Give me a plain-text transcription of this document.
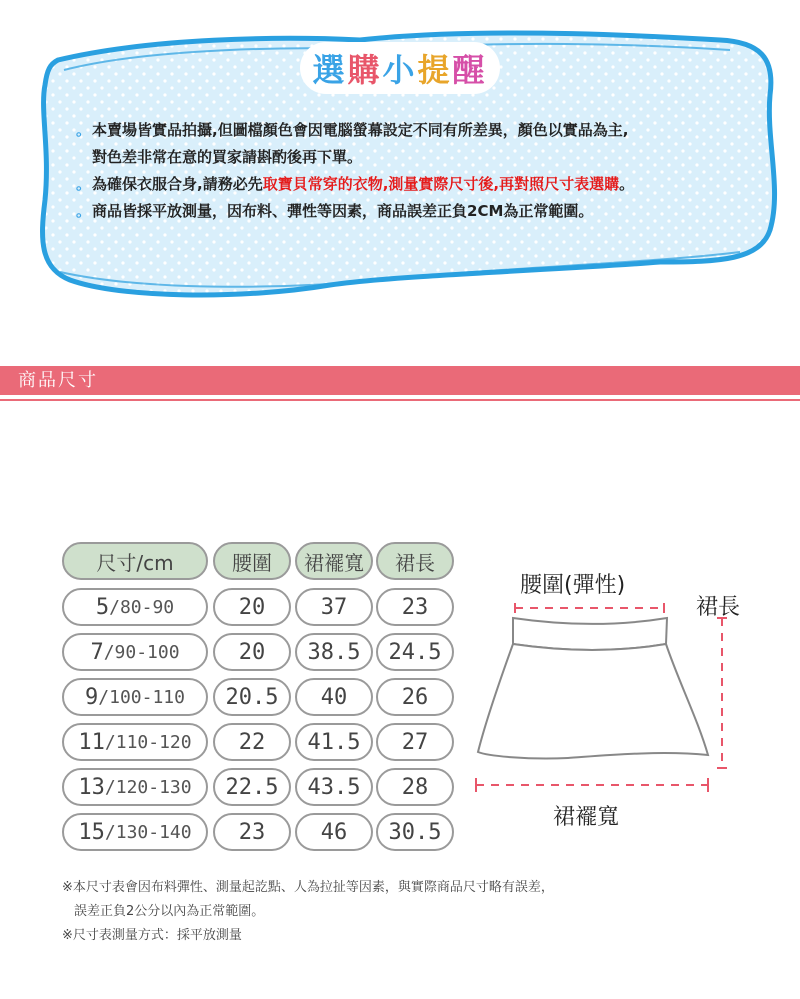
選 購 小 提 醒
。 本賣場皆實品拍攝,但圖檔顏色會因電腦螢幕設定不同有所差異，顏色以實品為主,
對色差非常在意的買家請斟酌後再下單。
。 為確保衣服合身,請務必先取寶貝常穿的衣物,測量實際尺寸後,再對照尺寸表選購。
。 商品皆採平放測量，因布料、彈性等因素，商品誤差正負2CM為正常範圍。
商品尺寸
尺寸/cm	腰圍	裙襬寬	裙長
5 /80-90	20	37	23
7 /90-100	20	38.5	24.5
9 /100-110	20.5	40	26
11 /110-120	22	41.5	27
13 /120-130	22.5	43.5	28
15 /130-140	23	46	30.5
腰圍(彈性)
裙長
裙襬寬
※本尺寸表會因布料彈性、測量起訖點、人為拉扯等因素，與實際商品尺寸略有誤差，
誤差正負2公分以內為正常範圍。
※尺寸表測量方式：採平放測量
